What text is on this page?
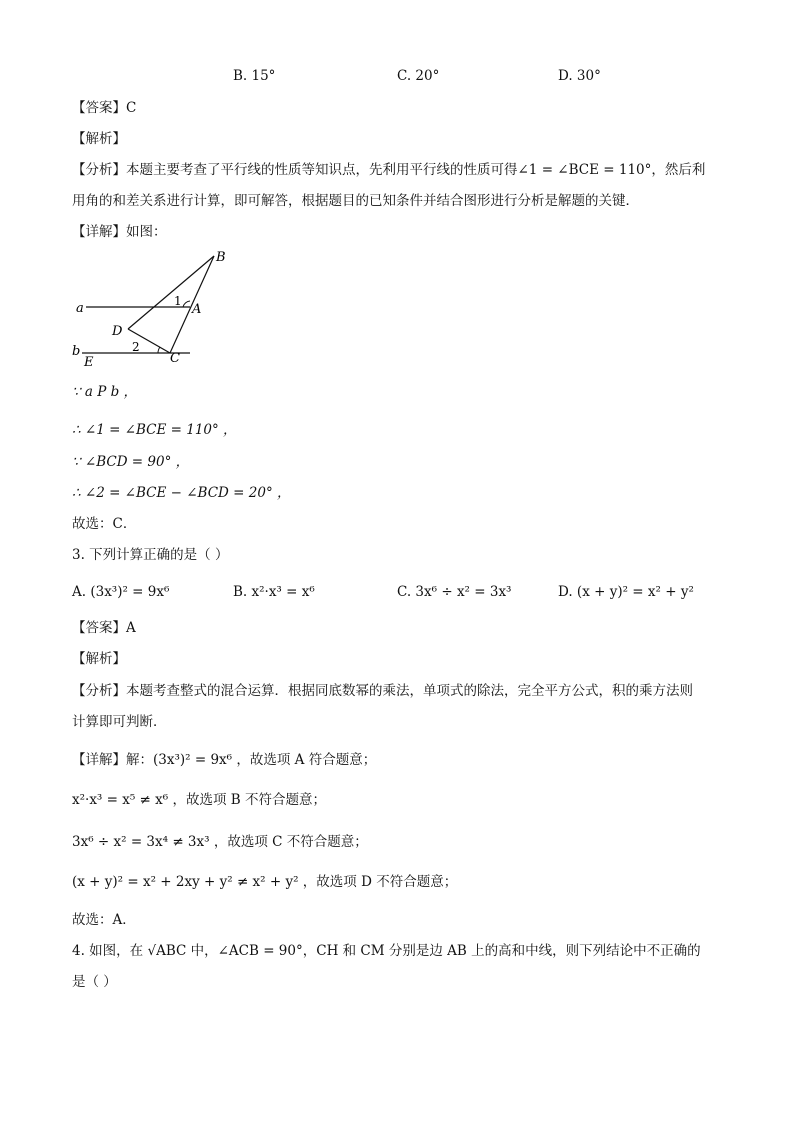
B. 15°	C. 20°	D. 30°
【答案】C
【解析】
【分析】本题主要考查了平行线的性质等知识点，先利用平行线的性质可得∠1 = ∠BCE = 110°，然后利
用角的和差关系进行计算，即可解答，根据题目的已知条件并结合图形进行分析是解题的关键．
【详解】如图：
B
a	1
A
D
b	2
E	C
∵ a P b ，
∴ ∠1 = ∠BCE = 110° ，
∵ ∠BCD = 90° ，
∴ ∠2 = ∠BCE − ∠BCD = 20° ，
故选：C．
3. 下列计算正确的是（ ）
A. (3x³)² = 9x⁶	B. x²·x³ = x⁶	C. 3x⁶ ÷ x² = 3x³	D. (x + y)² = x² + y²
【答案】A
【解析】
【分析】本题考查整式的混合运算．根据同底数幂的乘法，单项式的除法，完全平方公式，积的乘方法则
计算即可判断．
【详解】解：(3x³)² = 9x⁶ ，故选项 A 符合题意；
x²·x³ = x⁵ ≠ x⁶ ，故选项 B 不符合题意；
3x⁶ ÷ x² = 3x⁴ ≠ 3x³ ，故选项 C 不符合题意；
(x + y)² = x² + 2xy + y² ≠ x² + y² ，故选项 D 不符合题意；
故选：A．
4. 如图，在 √ABC 中，∠ACB = 90°，CH 和 CM 分别是边 AB 上的高和中线，则下列结论中不正确的
是（ ）
